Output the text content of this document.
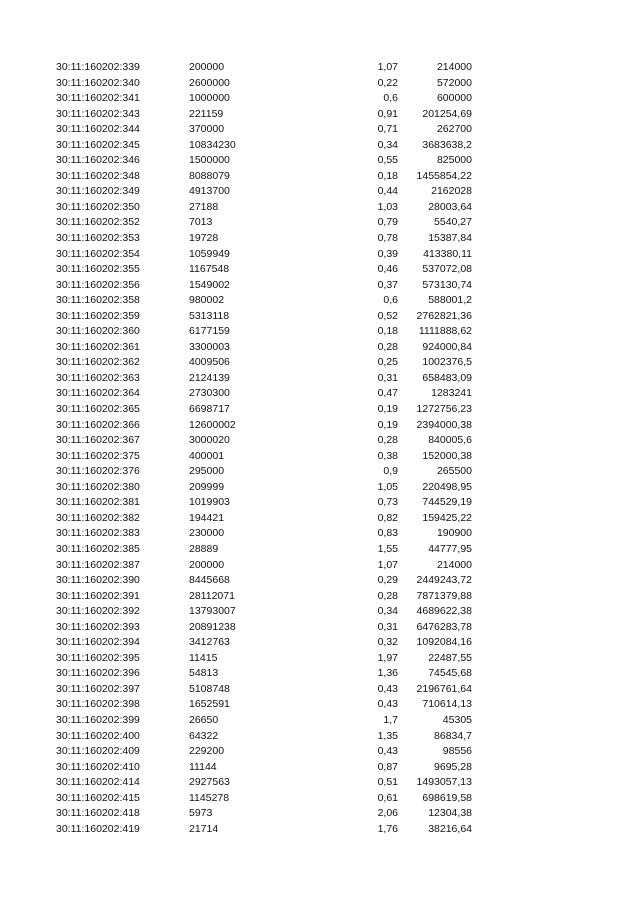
30:11:160202:339	200000	1,07	214000
30:11:160202:340	2600000	0,22	572000
30:11:160202:341	1000000	0,6	600000
30:11:160202:343	221159	0,91	201254,69
30:11:160202:344	370000	0,71	262700
30:11:160202:345	10834230	0,34	3683638,2
30:11:160202:346	1500000	0,55	825000
30:11:160202:348	8088079	0,18	1455854,22
30:11:160202:349	4913700	0,44	2162028
30:11:160202:350	27188	1,03	28003,64
30:11:160202:352	7013	0,79	5540,27
30:11:160202:353	19728	0,78	15387,84
30:11:160202:354	1059949	0,39	413380,11
30:11:160202:355	1167548	0,46	537072,08
30:11:160202:356	1549002	0,37	573130,74
30:11:160202:358	980002	0,6	588001,2
30:11:160202:359	5313118	0,52	2762821,36
30:11:160202:360	6177159	0,18	1111888,62
30:11:160202:361	3300003	0,28	924000,84
30:11:160202:362	4009506	0,25	1002376,5
30:11:160202:363	2124139	0,31	658483,09
30:11:160202:364	2730300	0,47	1283241
30:11:160202:365	6698717	0,19	1272756,23
30:11:160202:366	12600002	0,19	2394000,38
30:11:160202:367	3000020	0,28	840005,6
30:11:160202:375	400001	0,38	152000,38
30:11:160202:376	295000	0,9	265500
30:11:160202:380	209999	1,05	220498,95
30:11:160202:381	1019903	0,73	744529,19
30:11:160202:382	194421	0,82	159425,22
30:11:160202:383	230000	0,83	190900
30:11:160202:385	28889	1,55	44777,95
30:11:160202:387	200000	1,07	214000
30:11:160202:390	8445668	0,29	2449243,72
30:11:160202:391	28112071	0,28	7871379,88
30:11:160202:392	13793007	0,34	4689622,38
30:11:160202:393	20891238	0,31	6476283,78
30:11:160202:394	3412763	0,32	1092084,16
30:11:160202:395	11415	1,97	22487,55
30:11:160202:396	54813	1,36	74545,68
30:11:160202:397	5108748	0,43	2196761,64
30:11:160202:398	1652591	0,43	710614,13
30:11:160202:399	26650	1,7	45305
30:11:160202:400	64322	1,35	86834,7
30:11:160202:409	229200	0,43	98556
30:11:160202:410	11144	0,87	9695,28
30:11:160202:414	2927563	0,51	1493057,13
30:11:160202:415	1145278	0,61	698619,58
30:11:160202:418	5973	2,06	12304,38
30:11:160202:419	21714	1,76	38216,64
